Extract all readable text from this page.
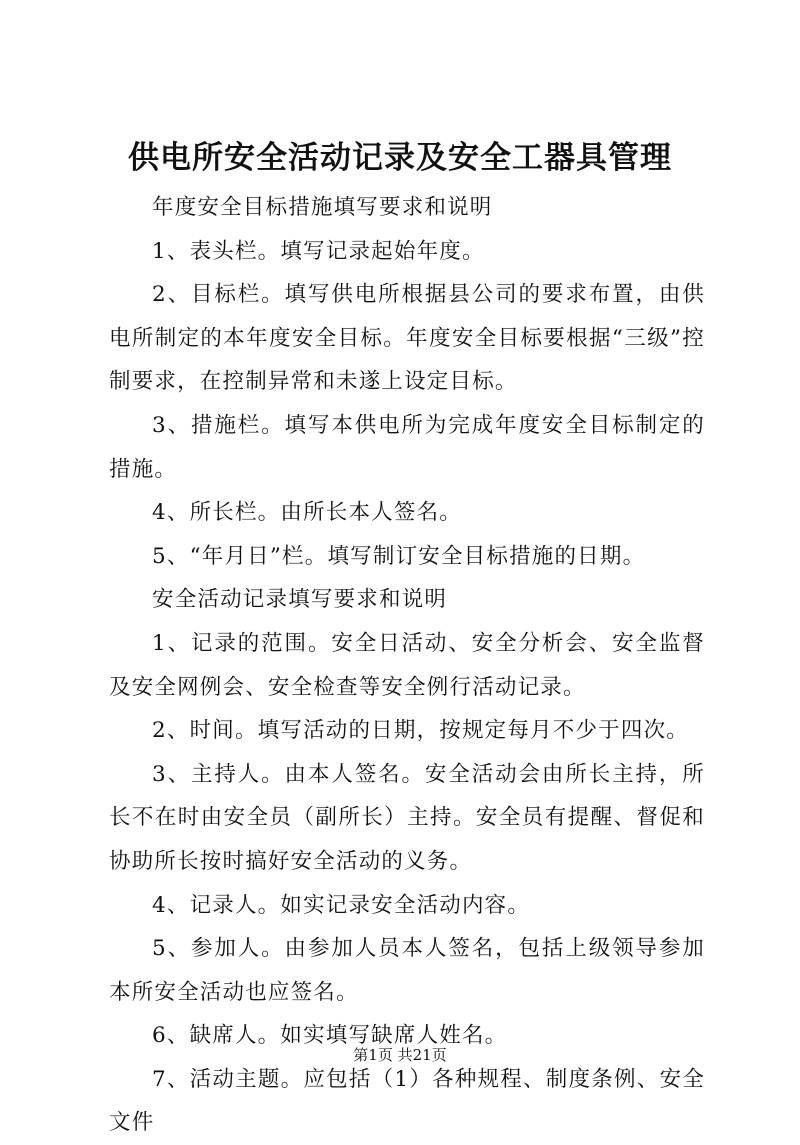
供电所安全活动记录及安全工器具管理

年度安全目标措施填写要求和说明

1、表头栏。填写记录起始年度。

2、目标栏。填写供电所根据县公司的要求布置，由供电所制定的本年度安全目标。年度安全目标要根据“三级”控制要求，在控制异常和未遂上设定目标。

3、措施栏。填写本供电所为完成年度安全目标制定的措施。

4、所长栏。由所长本人签名。

5、“年月日”栏。填写制订安全目标措施的日期。

安全活动记录填写要求和说明

1、记录的范围。安全日活动、安全分析会、安全监督及安全网例会、安全检查等安全例行活动记录。

2、时间。填写活动的日期，按规定每月不少于四次。

3、主持人。由本人签名。安全活动会由所长主持，所长不在时由安全员（副所长）主持。安全员有提醒、督促和协助所长按时搞好安全活动的义务。

4、记录人。如实记录安全活动内容。

5、参加人。由参加人员本人签名，包括上级领导参加本所安全活动也应签名。

6、缺席人。如实填写缺席人姓名。

7、活动主题。应包括（1）各种规程、制度条例、安全文件

第1页 共21页
